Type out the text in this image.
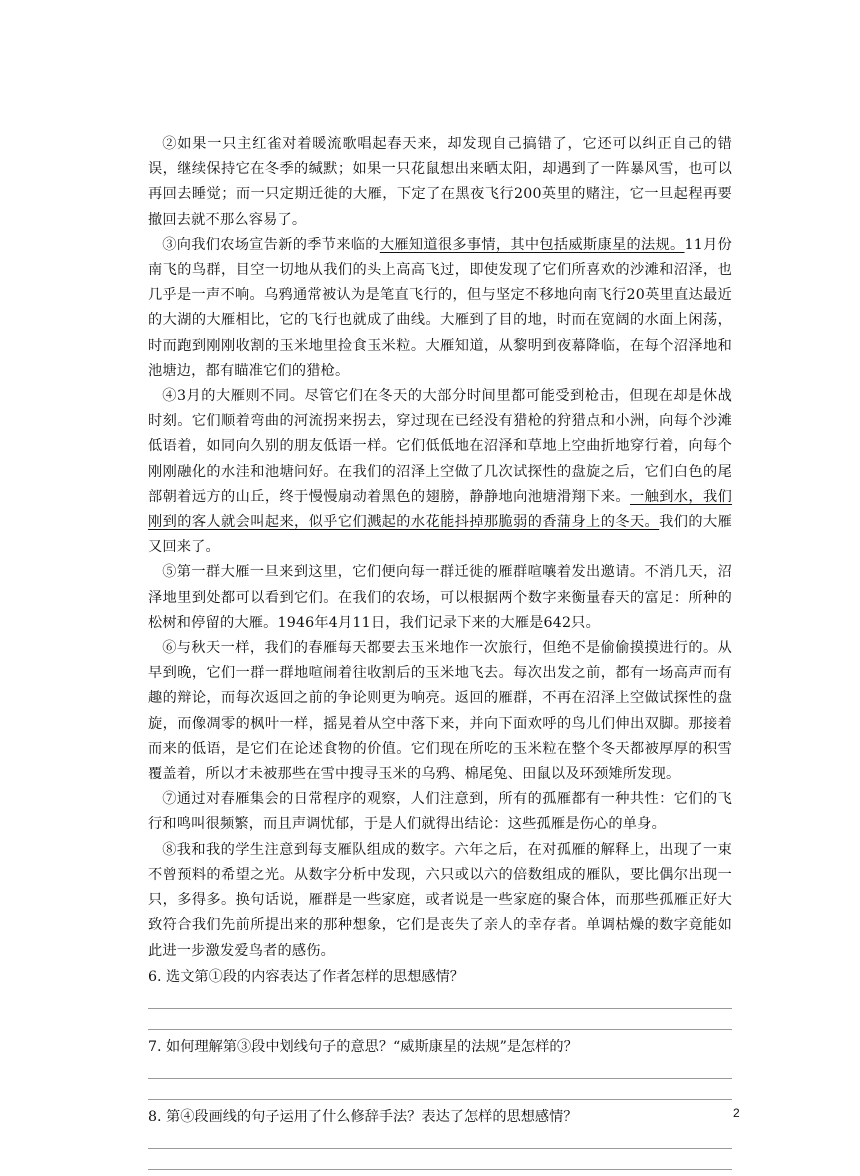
②如果一只主红雀对着暖流歌唱起春天来，却发现自己搞错了，它还可以纠正自己的错误，继续保持它在冬季的缄默；如果一只花鼠想出来晒太阳，却遇到了一阵暴风雪，也可以再回去睡觉；而一只定期迁徙的大雁，下定了在黑夜飞行200英里的赌注，它一旦起程再要撤回去就不那么容易了。

③向我们农场宣告新的季节来临的大雁知道很多事情，其中包括威斯康星的法规。11月份南飞的鸟群，目空一切地从我们的头上高高飞过，即使发现了它们所喜欢的沙滩和沼泽，也几乎是一声不响。乌鸦通常被认为是笔直飞行的，但与坚定不移地向南飞行20英里直达最近的大湖的大雁相比，它的飞行也就成了曲线。大雁到了目的地，时而在宽阔的水面上闲荡，时而跑到刚刚收割的玉米地里捡食玉米粒。大雁知道，从黎明到夜幕降临，在每个沼泽地和池塘边，都有瞄准它们的猎枪。

④3月的大雁则不同。尽管它们在冬天的大部分时间里都可能受到枪击，但现在却是休战时刻。它们顺着弯曲的河流拐来拐去，穿过现在已经没有猎枪的狩猎点和小洲，向每个沙滩低语着，如同向久别的朋友低语一样。它们低低地在沼泽和草地上空曲折地穿行着，向每个刚刚融化的水洼和池塘问好。在我们的沼泽上空做了几次试探性的盘旋之后，它们白色的尾部朝着远方的山丘，终于慢慢扇动着黑色的翅膀，静静地向池塘滑翔下来。一触到水，我们刚到的客人就会叫起来，似乎它们溅起的水花能抖掉那脆弱的香蒲身上的冬天。我们的大雁又回来了。

⑤第一群大雁一旦来到这里，它们便向每一群迁徙的雁群喧嚷着发出邀请。不消几天，沼泽地里到处都可以看到它们。在我们的农场，可以根据两个数字来衡量春天的富足：所种的松树和停留的大雁。1946年4月11日，我们记录下来的大雁是642只。

⑥与秋天一样，我们的春雁每天都要去玉米地作一次旅行，但绝不是偷偷摸摸进行的。从早到晚，它们一群一群地喧闹着往收割后的玉米地飞去。每次出发之前，都有一场高声而有趣的辩论，而每次返回之前的争论则更为响亮。返回的雁群，不再在沼泽上空做试探性的盘旋，而像凋零的枫叶一样，摇晃着从空中落下来，并向下面欢呼的鸟儿们伸出双脚。那接着而来的低语，是它们在论述食物的价值。它们现在所吃的玉米粒在整个冬天都被厚厚的积雪覆盖着，所以才未被那些在雪中搜寻玉米的乌鸦、棉尾兔、田鼠以及环颈雉所发现。

⑦通过对春雁集会的日常程序的观察，人们注意到，所有的孤雁都有一种共性：它们的飞行和鸣叫很频繁，而且声调忧郁，于是人们就得出结论：这些孤雁是伤心的单身。

⑧我和我的学生注意到每支雁队组成的数字。六年之后，在对孤雁的解释上，出现了一束不曾预料的希望之光。从数字分析中发现，六只或以六的倍数组成的雁队，要比偶尔出现一只，多得多。换句话说，雁群是一些家庭，或者说是一些家庭的聚合体，而那些孤雁正好大致符合我们先前所提出来的那种想象，它们是丧失了亲人的幸存者。单调枯燥的数字竟能如此进一步激发爱鸟者的感伤。

6. 选文第①段的内容表达了作者怎样的思想感情？
7. 如何理解第③段中划线句子的意思？“威斯康星的法规”是怎样的？
8. 第④段画线的句子运用了什么修辞手法？表达了怎样的思想感情？	2
